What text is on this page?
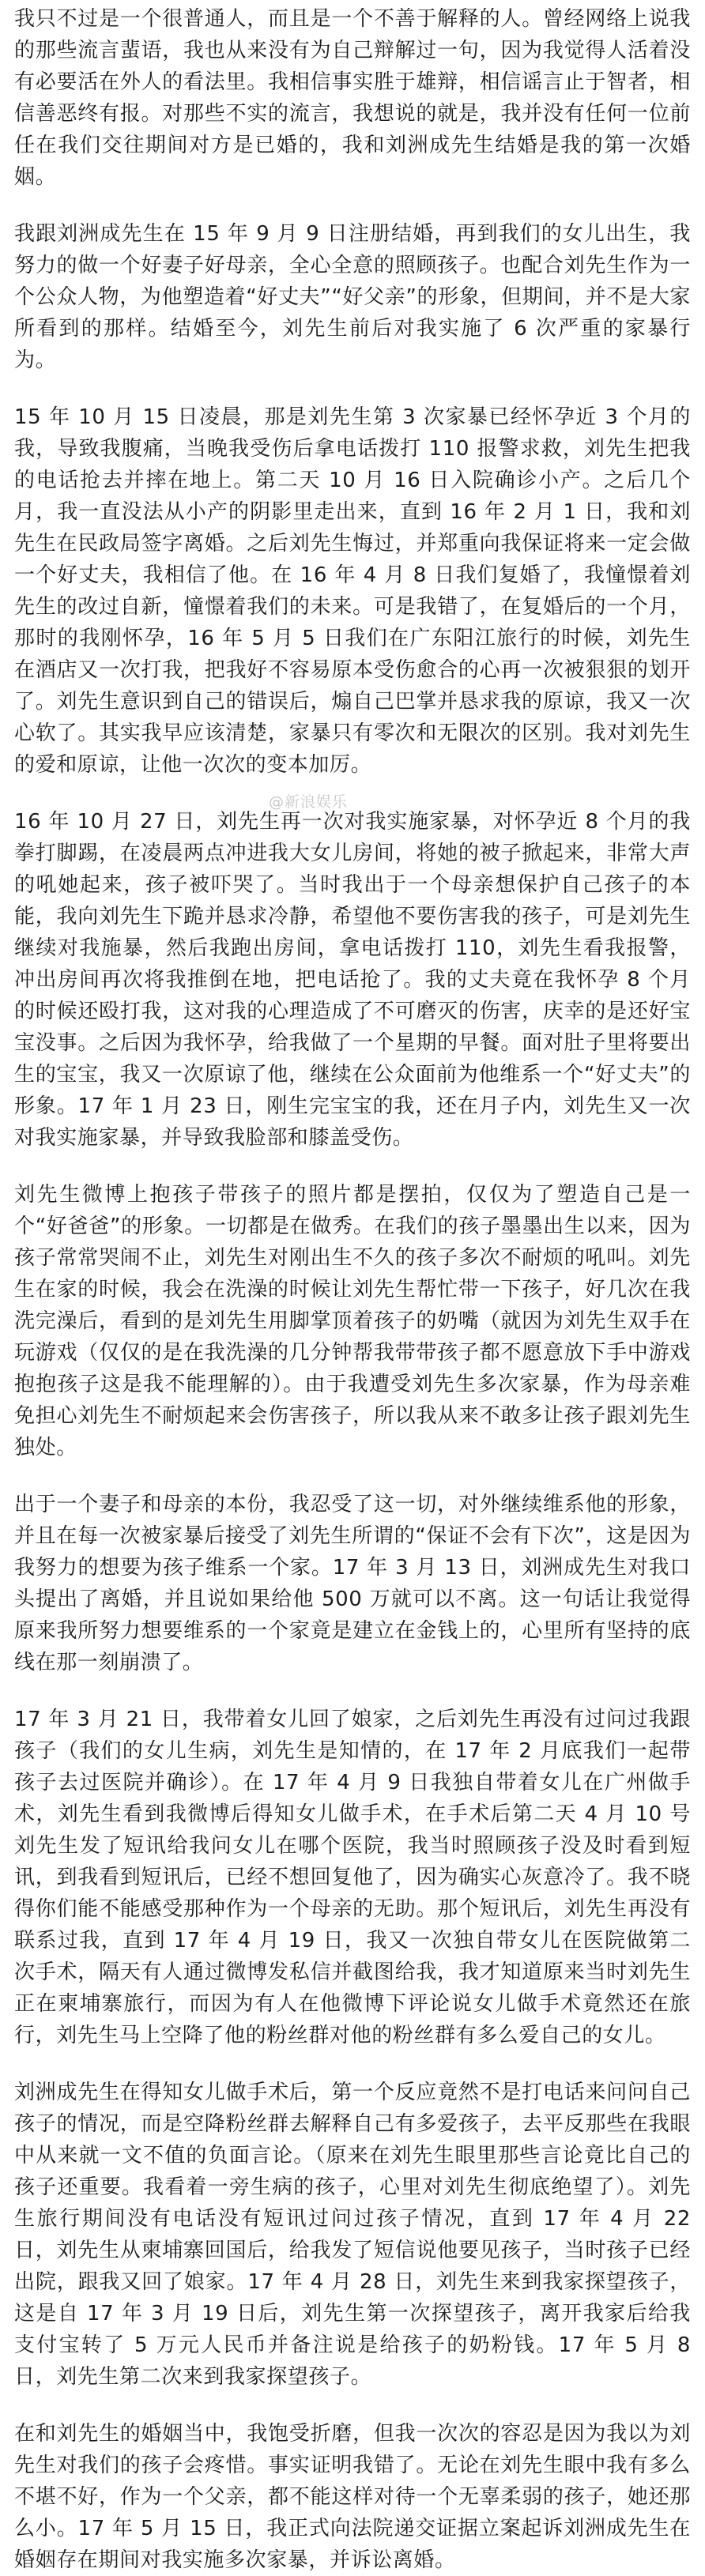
我只不过是一个很普通人，而且是一个不善于解释的人。曾经网络上说我的那些流言蜚语，我也从来没有为自己辩解过一句，因为我觉得人活着没有必要活在外人的看法里。我相信事实胜于雄辩，相信谣言止于智者，相信善恶终有报。对那些不实的流言，我想说的就是，我并没有任何一位前任在我们交往期间对方是已婚的，我和刘洲成先生结婚是我的第一次婚姻。

我跟刘洲成先生在 15 年 9 月 9 日注册结婚，再到我们的女儿出生，我努力的做一个好妻子好母亲，全心全意的照顾孩子。也配合刘先生作为一个公众人物，为他塑造着“好丈夫”“好父亲”的形象，但期间，并不是大家所看到的那样。结婚至今，刘先生前后对我实施了 6 次严重的家暴行为。

15 年 10 月 15 日凌晨，那是刘先生第 3 次家暴已经怀孕近 3 个月的我，导致我腹痛，当晚我受伤后拿电话拨打 110 报警求救，刘先生把我的电话抢去并摔在地上。第二天 10 月 16 日入院确诊小产。之后几个月，我一直没法从小产的阴影里走出来，直到 16 年 2 月 1 日，我和刘先生在民政局签字离婚。之后刘先生悔过，并郑重向我保证将来一定会做一个好丈夫，我相信了他。在 16 年 4 月 8 日我们复婚了，我憧憬着刘先生的改过自新，憧憬着我们的未来。可是我错了，在复婚后的一个月，那时的我刚怀孕，16 年 5 月 5 日我们在广东阳江旅行的时候，刘先生在酒店又一次打我，把我好不容易原本受伤愈合的心再一次被狠狠的划开了。刘先生意识到自己的错误后，煽自己巴掌并恳求我的原谅，我又一次心软了。其实我早应该清楚，家暴只有零次和无限次的区别。我对刘先生的爱和原谅，让他一次次的变本加厉。

16 年 10 月 27 日，刘先生再一次对我实施家暴，对怀孕近 8 个月的我拳打脚踢，在凌晨两点冲进我大女儿房间，将她的被子掀起来，非常大声的吼她起来，孩子被吓哭了。当时我出于一个母亲想保护自己孩子的本能，我向刘先生下跪并恳求冷静，希望他不要伤害我的孩子，可是刘先生继续对我施暴，然后我跑出房间，拿电话拨打 110，刘先生看我报警，冲出房间再次将我推倒在地，把电话抢了。我的丈夫竟在我怀孕 8 个月的时候还殴打我，这对我的心理造成了不可磨灭的伤害，庆幸的是还好宝宝没事。之后因为我怀孕，给我做了一个星期的早餐。面对肚子里将要出生的宝宝，我又一次原谅了他，继续在公众面前为他维系一个“好丈夫”的形象。17 年 1 月 23 日，刚生完宝宝的我，还在月子内，刘先生又一次对我实施家暴，并导致我脸部和膝盖受伤。

刘先生微博上抱孩子带孩子的照片都是摆拍，仅仅为了塑造自己是一个“好爸爸”的形象。一切都是在做秀。在我们的孩子墨墨出生以来，因为孩子常常哭闹不止，刘先生对刚出生不久的孩子多次不耐烦的吼叫。刘先生在家的时候，我会在洗澡的时候让刘先生帮忙带一下孩子，好几次在我洗完澡后，看到的是刘先生用脚掌顶着孩子的奶嘴（就因为刘先生双手在玩游戏（仅仅的是在我洗澡的几分钟帮我带带孩子都不愿意放下手中游戏抱抱孩子这是我不能理解的）。由于我遭受刘先生多次家暴，作为母亲难免担心刘先生不耐烦起来会伤害孩子，所以我从来不敢多让孩子跟刘先生独处。

出于一个妻子和母亲的本份，我忍受了这一切，对外继续维系他的形象，并且在每一次被家暴后接受了刘先生所谓的“保证不会有下次”，这是因为我努力的想要为孩子维系一个家。17 年 3 月 13 日，刘洲成先生对我口头提出了离婚，并且说如果给他 500 万就可以不离。这一句话让我觉得原来我所努力想要维系的一个家竟是建立在金钱上的，心里所有坚持的底线在那一刻崩溃了。

17 年 3 月 21 日，我带着女儿回了娘家，之后刘先生再没有过问过我跟孩子（我们的女儿生病，刘先生是知情的，在 17 年 2 月底我们一起带孩子去过医院并确诊）。在 17 年 4 月 9 日我独自带着女儿在广州做手术，刘先生看到我微博后得知女儿做手术，在手术后第二天 4 月 10 号刘先生发了短讯给我问女儿在哪个医院，我当时照顾孩子没及时看到短讯，到我看到短讯后，已经不想回复他了，因为确实心灰意冷了。我不晓得你们能不能感受那种作为一个母亲的无助。那个短讯后，刘先生再没有联系过我，直到 17 年 4 月 19 日，我又一次独自带女儿在医院做第二次手术，隔天有人通过微博发私信并截图给我，我才知道原来当时刘先生正在柬埔寨旅行，而因为有人在他微博下评论说女儿做手术竟然还在旅行，刘先生马上空降了他的粉丝群对他的粉丝群有多么爱自己的女儿。

刘洲成先生在得知女儿做手术后，第一个反应竟然不是打电话来问问自己孩子的情况，而是空降粉丝群去解释自己有多爱孩子，去平反那些在我眼中从来就一文不值的负面言论。（原来在刘先生眼里那些言论竟比自己的孩子还重要。我看着一旁生病的孩子，心里对刘先生彻底绝望了）。刘先生旅行期间没有电话没有短讯过问过孩子情况，直到 17 年 4 月 22 日，刘先生从柬埔寨回国后，给我发了短信说他要见孩子，当时孩子已经出院，跟我又回了娘家。17 年 4 月 28 日，刘先生来到我家探望孩子，这是自 17 年 3 月 19 日后，刘先生第一次探望孩子，离开我家后给我支付宝转了 5 万元人民币并备注说是给孩子的奶粉钱。17 年 5 月 8 日，刘先生第二次来到我家探望孩子。

在和刘先生的婚姻当中，我饱受折磨，但我一次次的容忍是因为我以为刘先生对我们的孩子会疼惜。事实证明我错了。无论在刘先生眼中我有多么不堪不好，作为一个父亲，都不能这样对待一个无辜柔弱的孩子，她还那么小。17 年 5 月 15 日，我正式向法院递交证据立案起诉刘洲成先生在婚姻存在期间对我实施多次家暴，并诉讼离婚。

@新浪娱乐
